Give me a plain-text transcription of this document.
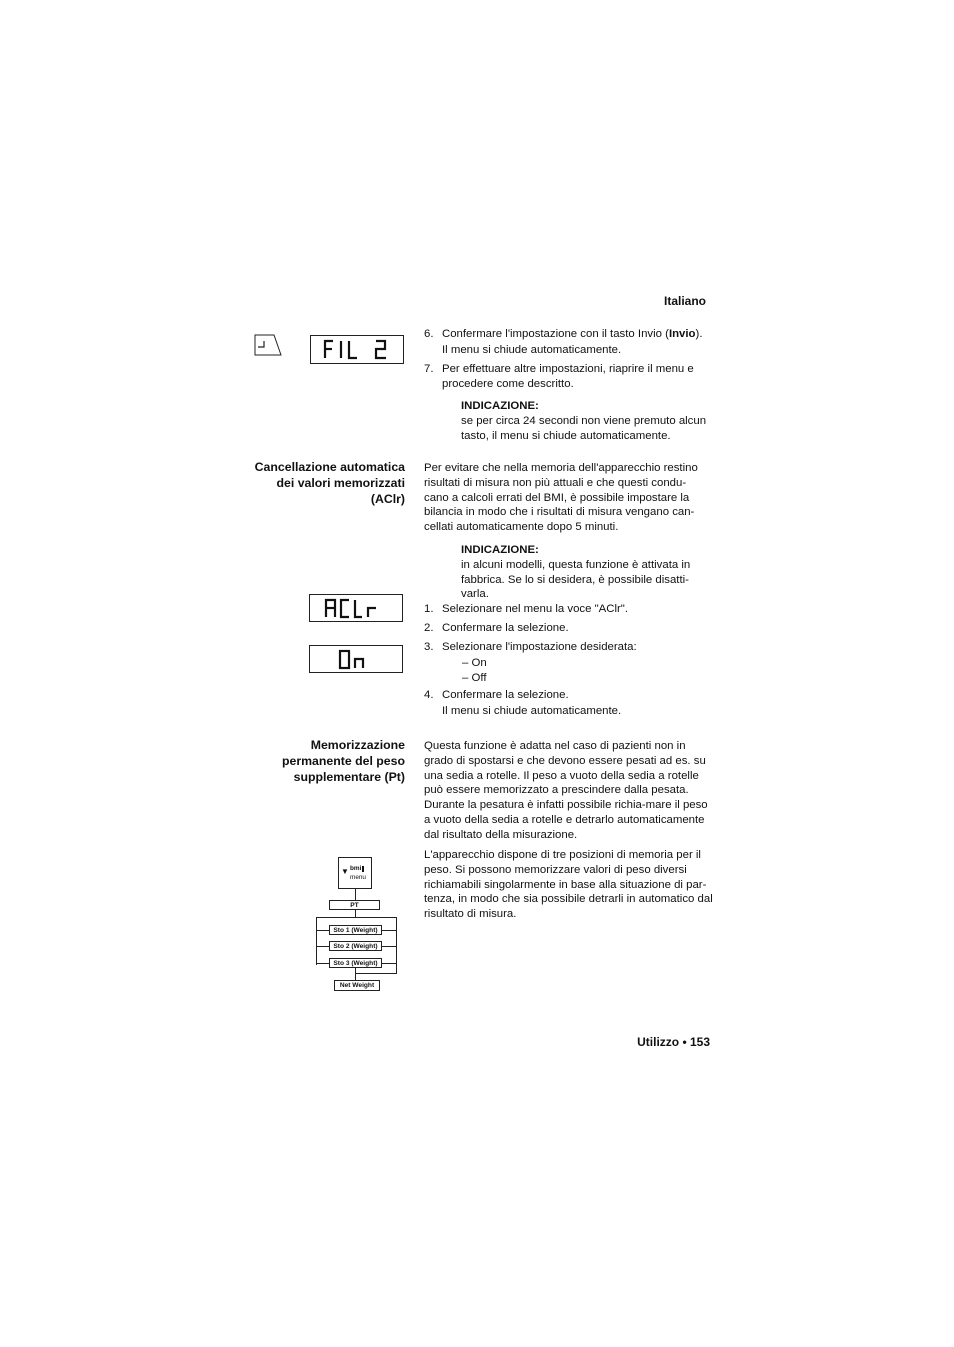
Italiano
6. Confermare l'impostazione con il tasto Invio (Invio).
Il menu si chiude automaticamente.
7. Per effettuare altre impostazioni, riaprire il menu e procedere come descritto.
INDICAZIONE:
se per circa 24 secondi non viene premuto alcun tasto, il menu si chiude automaticamente.
Cancellazione automatica dei valori memorizzati (AClr)
Per evitare che nella memoria dell'apparecchio restino risultati di misura non più attuali e che questi condu-cano a calcoli errati del BMI, è possibile impostare la bilancia in modo che i risultati di misura vengano can-cellati automaticamente dopo 5 minuti.
INDICAZIONE:
in alcuni modelli, questa funzione è attivata in fabbrica. Se lo si desidera, è possibile disatti-varla.
1. Selezionare nel menu la voce "AClr".
2. Confermare la selezione.
3. Selezionare l'impostazione desiderata:
– On
– Off
4. Confermare la selezione.
Il menu si chiude automaticamente.
Memorizzazione permanente del peso supplementare (Pt)
Questa funzione è adatta nel caso di pazienti non in grado di spostarsi e che devono essere pesati ad es. su una sedia a rotelle. Il peso a vuoto della sedia a rotelle può essere memorizzato a prescindere dalla pesata. Durante la pesatura è infatti possibile richia-mare il peso a vuoto della sedia a rotelle e detrarlo automaticamente dal risultato della misurazione.
L'apparecchio dispone di tre posizioni di memoria per il peso. Si possono memorizzare valori di peso diversi richiamabili singolarmente in base alla situazione di par-tenza, in modo che sia possibile detrarli in automatico dal risultato di misura.
▼ bmi
menu
PT
Sto 1 (Weight)
Sto 2 (Weight)
Sto 3 (Weight)
Net Weight
Utilizzo • 153
